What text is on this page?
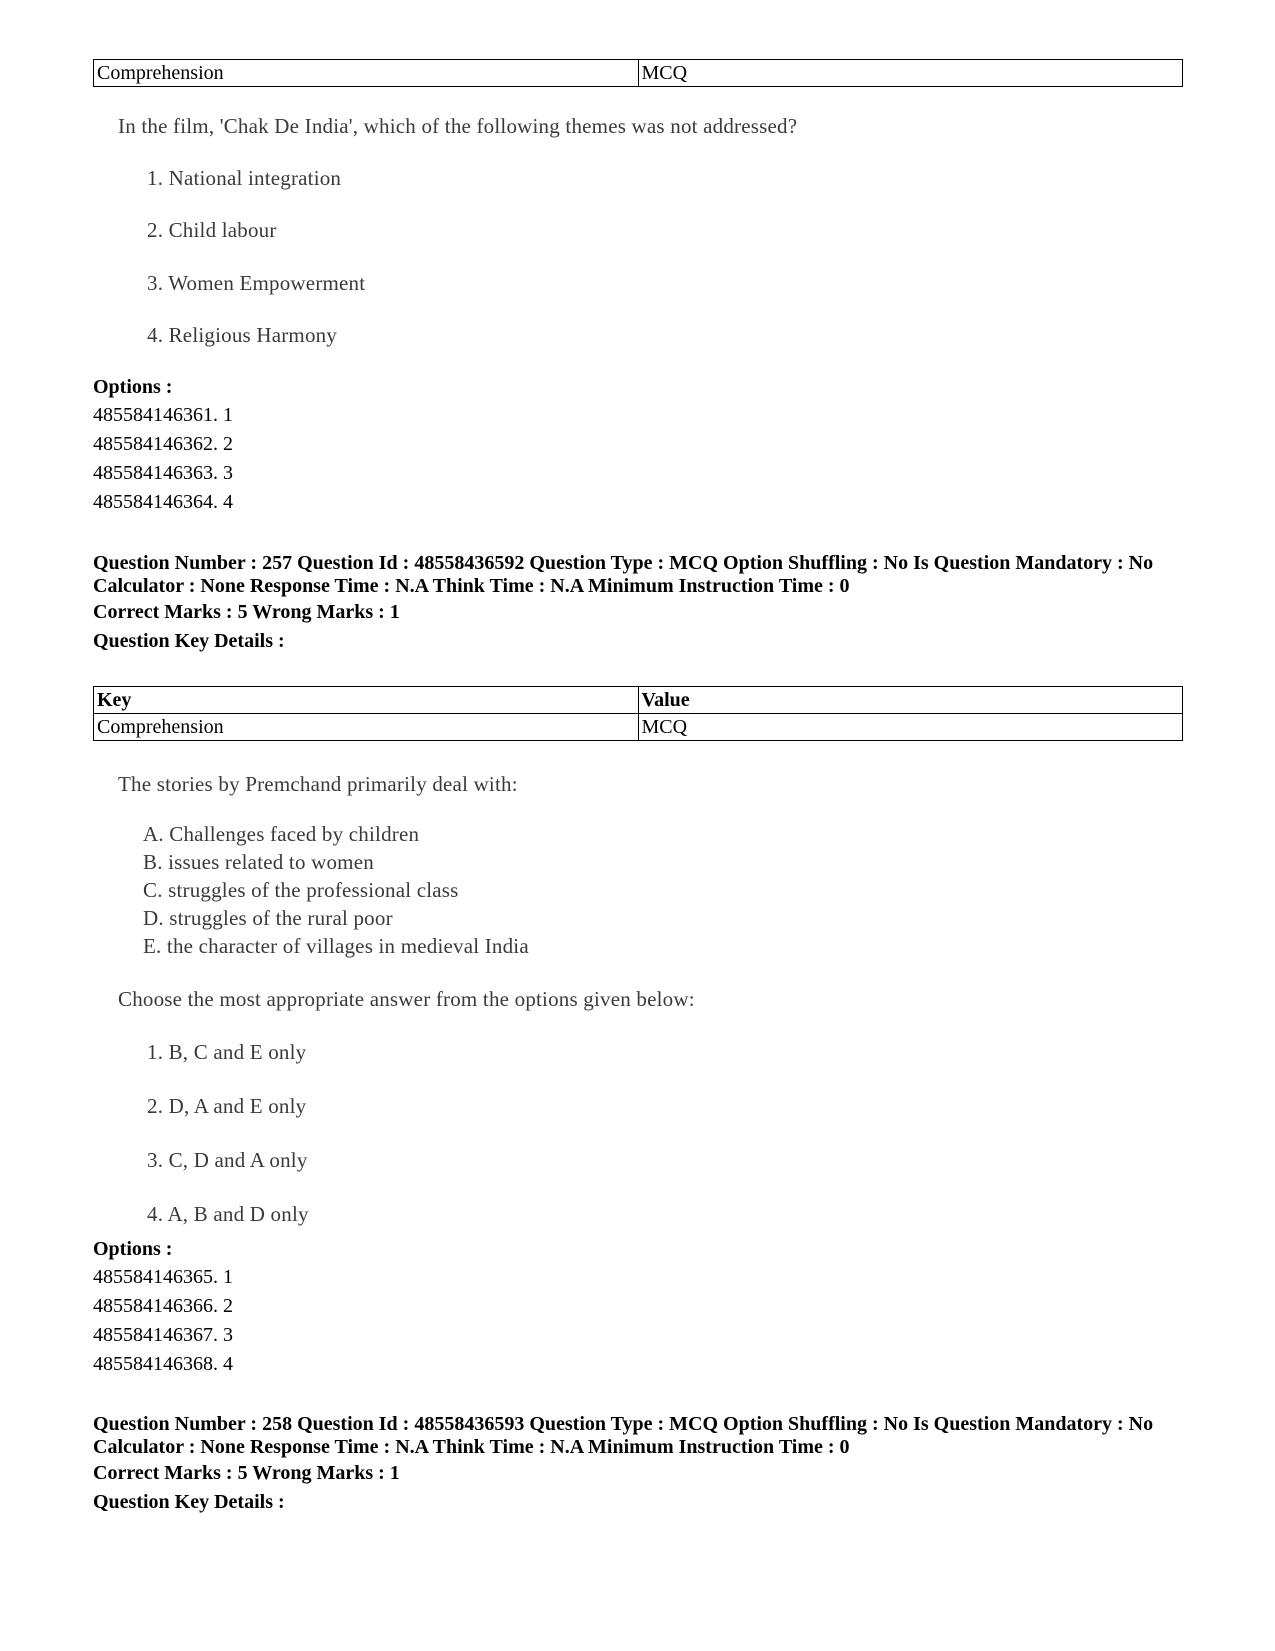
Comprehension	MCQ

In the film, 'Chak De India', which of the following themes was not addressed?

1. National integration

2. Child labour

3. Women Empowerment

4. Religious Harmony

Options :

485584146361. 1

485584146362. 2

485584146363. 3

485584146364. 4

Question Number : 257 Question Id : 48558436592 Question Type : MCQ Option Shuffling : No Is Question Mandatory : No Calculator : None Response Time : N.A Think Time : N.A Minimum Instruction Time : 0

Correct Marks : 5 Wrong Marks : 1

Question Key Details :

Key	Value
Comprehension	MCQ

The stories by Premchand primarily deal with:

A. Challenges faced by children

B. issues related to women

C. struggles of the professional class

D. struggles of the rural poor

E. the character of villages in medieval India

Choose the most appropriate answer from the options given below:

1. B, C and E only

2. D, A and E only

3. C, D and A only

4. A, B and D only

Options :

485584146365. 1

485584146366. 2

485584146367. 3

485584146368. 4

Question Number : 258 Question Id : 48558436593 Question Type : MCQ Option Shuffling : No Is Question Mandatory : No Calculator : None Response Time : N.A Think Time : N.A Minimum Instruction Time : 0

Correct Marks : 5 Wrong Marks : 1

Question Key Details :
